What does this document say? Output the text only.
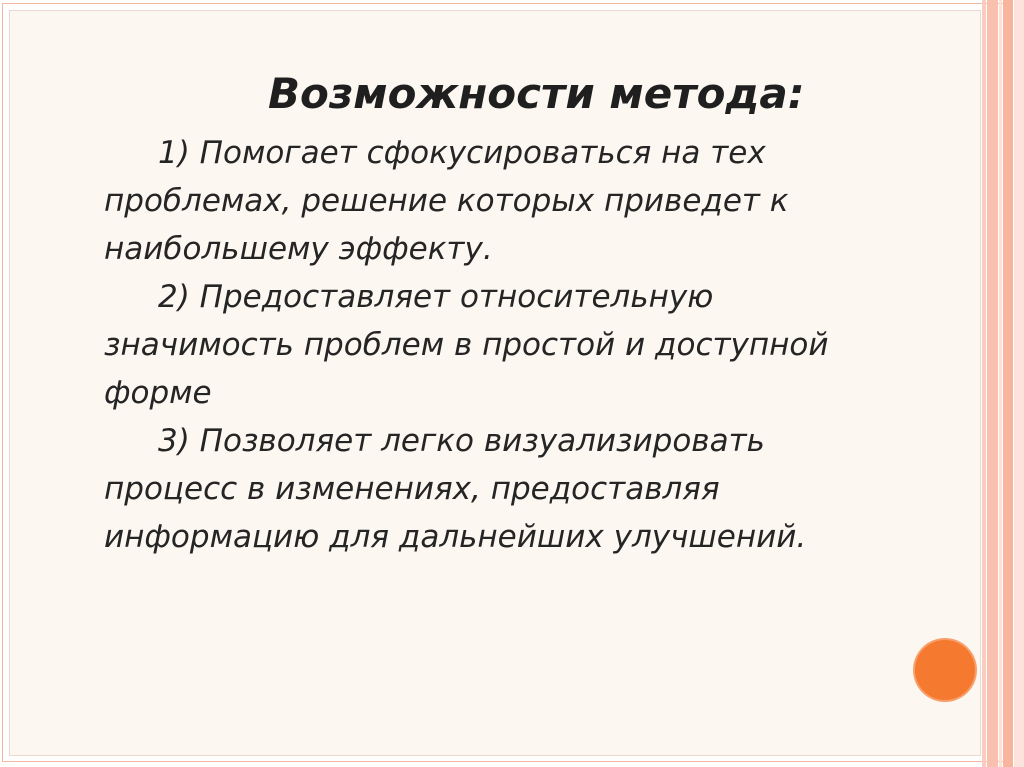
Возможности метода:

1) Помогает сфокусироваться на тех проблемах, решение которых приведет к наибольшему эффекту.

2) Предоставляет относительную значимость проблем в простой и доступной форме

3) Позволяет легко визуализировать процесс в изменениях, предоставляя информацию для дальнейших улучшений.
